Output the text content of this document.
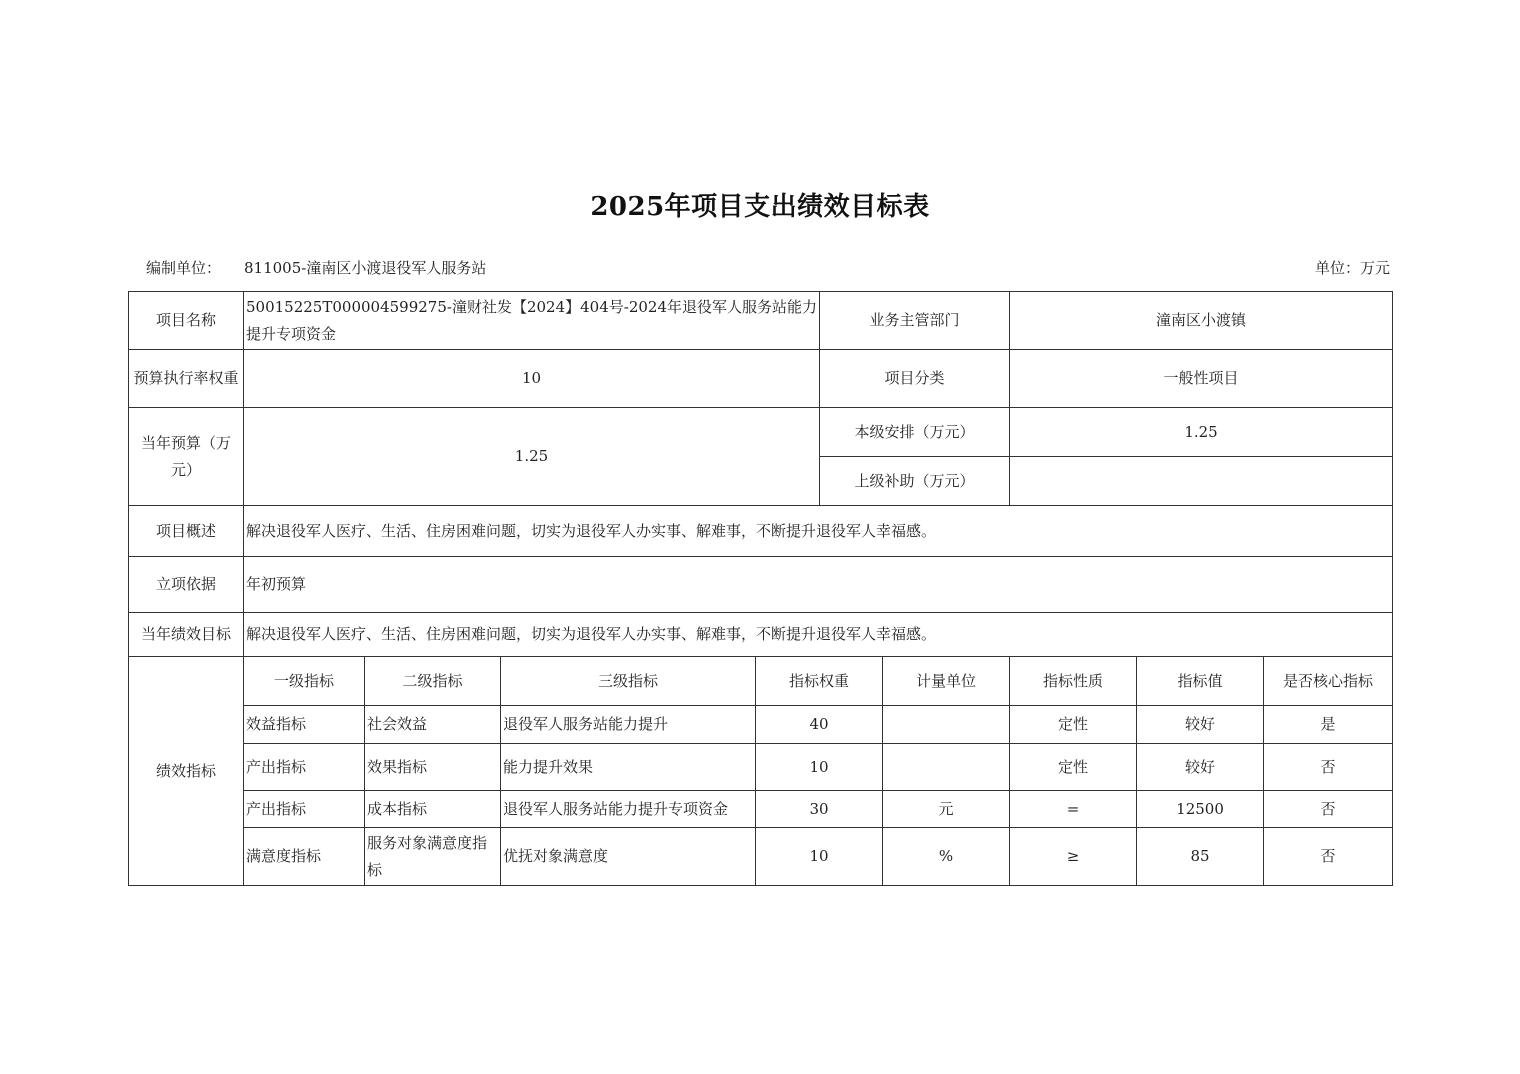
2025年项目支出绩效目标表
编制单位： 811005-潼南区小渡退役军人服务站	单位：万元
项目名称	50015225T000004599275-潼财社发【2024】404号-2024年退役军人服务站能力提升专项资金				业务主管部门		潼南区小渡镇		
预算执行率权重	10				项目分类		一般性项目		
当年预算（万元）	1.25				本级安排（万元）		1.25		
					上级补助（万元）				
项目概述	解决退役军人医疗、生活、住房困难问题，切实为退役军人办实事、解难事，不断提升退役军人幸福感。								
立项依据	年初预算								
当年绩效目标	解决退役军人医疗、生活、住房困难问题，切实为退役军人办实事、解难事，不断提升退役军人幸福感。								
绩效指标	一级指标	二级指标	三级指标	指标权重		计量单位	指标性质	指标值	是否核心指标
	效益指标	社会效益	退役军人服务站能力提升	40			定性	较好	是
	产出指标	效果指标	能力提升效果	10			定性	较好	否
	产出指标	成本指标	退役军人服务站能力提升专项资金	30		元	=	12500	否
	满意度指标	服务对象满意度指标	优抚对象满意度	10		%	≥	85	否
